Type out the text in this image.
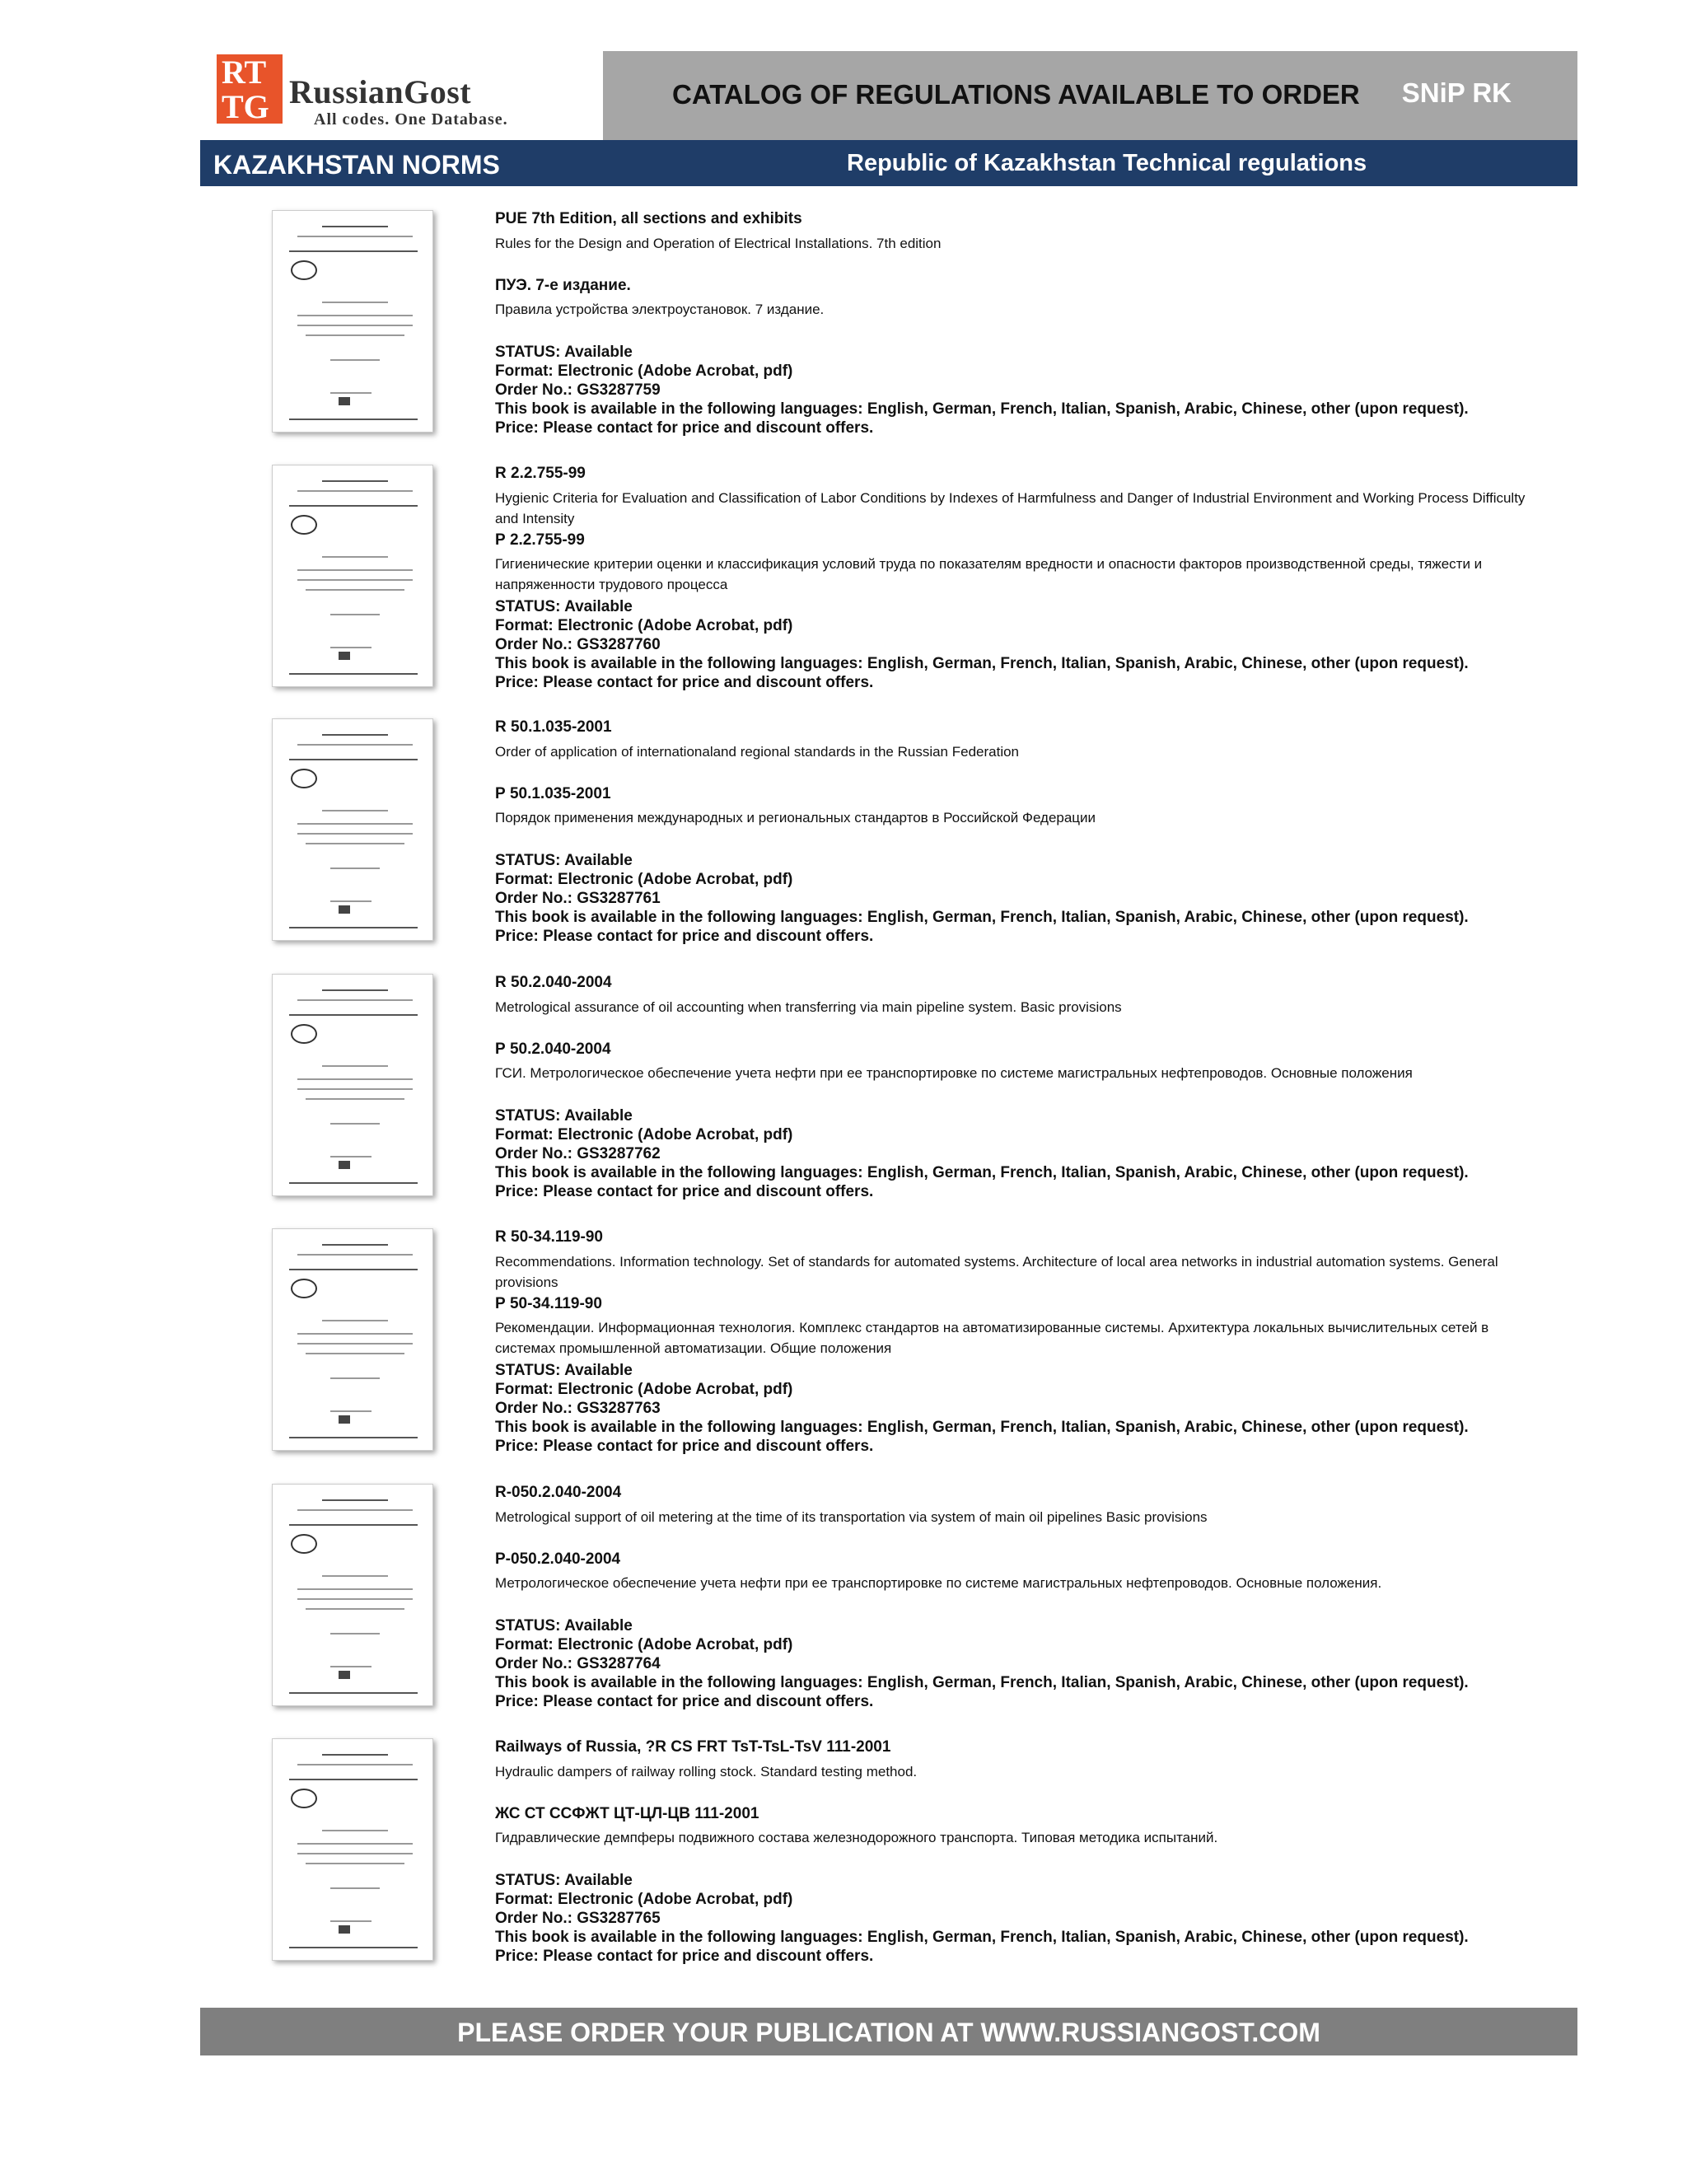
RT
TG RussianGost
All codes. One Database.
CATALOG OF REGULATIONS AVAILABLE TO ORDER SNiP RK
KAZAKHSTAN NORMS	Republic of Kazakhstan Technical regulations
PUE 7th Edition, all sections and exhibits
Rules for the Design and Operation of Electrical Installations. 7th edition
ПУЭ. 7-е издание.
Правила устройства электроустановок. 7 издание.
STATUS: Available
Format: Electronic (Adobe Acrobat, pdf)
Order No.: GS3287759
This book is available in the following languages: English, German, French, Italian, Spanish, Arabic, Chinese, other (upon request).
Price: Please contact for price and discount offers.
R 2.2.755-99
Hygienic Criteria for Evaluation and Classification of Labor Conditions by Indexes of Harmfulness and Danger of Industrial Environment and Working Process Difficulty and Intensity
Р 2.2.755-99
Гигиенические критерии оценки и классификация условий труда по показателям вредности и опасности факторов производственной среды, тяжести и напряженности трудового процесса
STATUS: Available
Format: Electronic (Adobe Acrobat, pdf)
Order No.: GS3287760
This book is available in the following languages: English, German, French, Italian, Spanish, Arabic, Chinese, other (upon request).
Price: Please contact for price and discount offers.
R 50.1.035-2001
Order of application of internationaland regional standards in the Russian Federation
Р 50.1.035-2001
Порядок применения международных и региональных стандартов в Российской Федерации
STATUS: Available
Format: Electronic (Adobe Acrobat, pdf)
Order No.: GS3287761
This book is available in the following languages: English, German, French, Italian, Spanish, Arabic, Chinese, other (upon request).
Price: Please contact for price and discount offers.
R 50.2.040-2004
Metrological assurance of oil accounting when transferring via main pipeline system. Basic provisions
Р 50.2.040-2004
ГСИ. Метрологическое обеспечение учета нефти при ее транспортировке по системе магистральных нефтепроводов. Основные положения
STATUS: Available
Format: Electronic (Adobe Acrobat, pdf)
Order No.: GS3287762
This book is available in the following languages: English, German, French, Italian, Spanish, Arabic, Chinese, other (upon request).
Price: Please contact for price and discount offers.
R 50-34.119-90
Recommendations. Information technology. Set of standards for automated systems. Architecture of local area networks in industrial automation systems. General provisions
Р 50-34.119-90
Рекомендации. Информационная технология. Комплекс стандартов на автоматизированные системы. Архитектура локальных вычислительных сетей в системах промышленной автоматизации. Общие положения
STATUS: Available
Format: Electronic (Adobe Acrobat, pdf)
Order No.: GS3287763
This book is available in the following languages: English, German, French, Italian, Spanish, Arabic, Chinese, other (upon request).
Price: Please contact for price and discount offers.
R-050.2.040-2004
Metrological support of oil metering at the time of its transportation via system of main oil pipelines Basic provisions
Р-050.2.040-2004
Метрологическое обеспечение учета нефти при ее транспортировке по системе магистральных нефтепроводов. Основные положения.
STATUS: Available
Format: Electronic (Adobe Acrobat, pdf)
Order No.: GS3287764
This book is available in the following languages: English, German, French, Italian, Spanish, Arabic, Chinese, other (upon request).
Price: Please contact for price and discount offers.
Railways of Russia, ?R CS FRT TsT-TsL-TsV 111-2001
Hydraulic dampers of railway rolling stock. Standard testing method.
ЖС СТ ССФЖТ ЦТ-ЦЛ-ЦВ 111-2001
Гидравлические демпферы подвижного состава железнодорожного транспорта. Типовая методика испытаний.
STATUS: Available
Format: Electronic (Adobe Acrobat, pdf)
Order No.: GS3287765
This book is available in the following languages: English, German, French, Italian, Spanish, Arabic, Chinese, other (upon request).
Price: Please contact for price and discount offers.
PLEASE ORDER YOUR PUBLICATION AT WWW.RUSSIANGOST.COM
